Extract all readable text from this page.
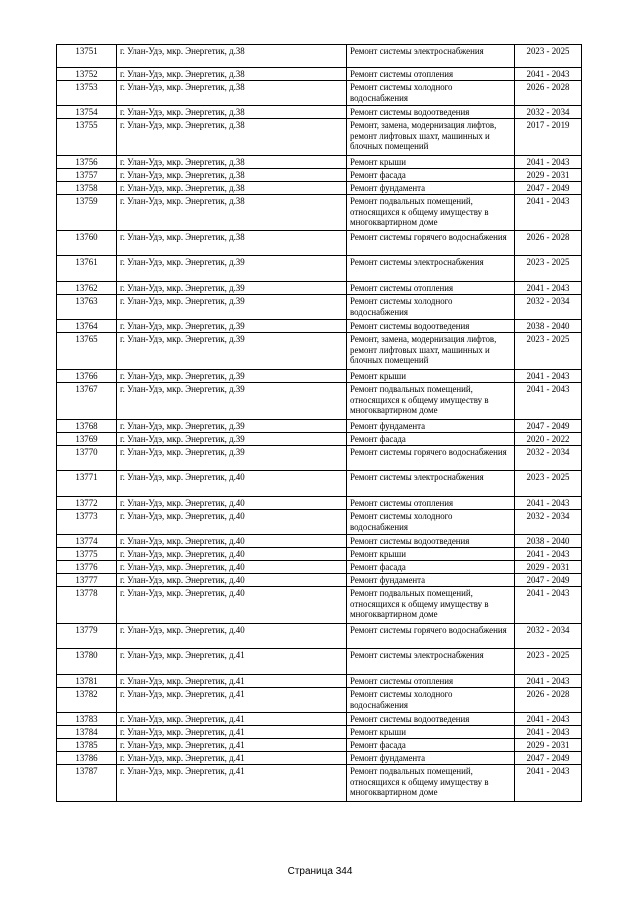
13751	г. Улан-Удэ, мкр. Энергетик, д.38	Ремонт системы электроснабжения	2023 - 2025
13752	г. Улан-Удэ, мкр. Энергетик, д.38	Ремонт системы отопления	2041 - 2043
13753	г. Улан-Удэ, мкр. Энергетик, д.38	Ремонт системы холодного водоснабжения	2026 - 2028
13754	г. Улан-Удэ, мкр. Энергетик, д.38	Ремонт системы водоотведения	2032 - 2034
13755	г. Улан-Удэ, мкр. Энергетик, д.38	Ремонт, замена, модернизация лифтов, ремонт лифтовых шахт, машинных и блочных помещений	2017 - 2019
13756	г. Улан-Удэ, мкр. Энергетик, д.38	Ремонт крыши	2041 - 2043
13757	г. Улан-Удэ, мкр. Энергетик, д.38	Ремонт фасада	2029 - 2031
13758	г. Улан-Удэ, мкр. Энергетик, д.38	Ремонт фундамента	2047 - 2049
13759	г. Улан-Удэ, мкр. Энергетик, д.38	Ремонт подвальных помещений, относящихся к общему имуществу в многоквартирном доме	2041 - 2043
13760	г. Улан-Удэ, мкр. Энергетик, д.38	Ремонт системы горячего водоснабжения	2026 - 2028
13761	г. Улан-Удэ, мкр. Энергетик, д.39	Ремонт системы электроснабжения	2023 - 2025
13762	г. Улан-Удэ, мкр. Энергетик, д.39	Ремонт системы отопления	2041 - 2043
13763	г. Улан-Удэ, мкр. Энергетик, д.39	Ремонт системы холодного водоснабжения	2032 - 2034
13764	г. Улан-Удэ, мкр. Энергетик, д.39	Ремонт системы водоотведения	2038 - 2040
13765	г. Улан-Удэ, мкр. Энергетик, д.39	Ремонт, замена, модернизация лифтов, ремонт лифтовых шахт, машинных и блочных помещений	2023 - 2025
13766	г. Улан-Удэ, мкр. Энергетик, д.39	Ремонт крыши	2041 - 2043
13767	г. Улан-Удэ, мкр. Энергетик, д.39	Ремонт подвальных помещений, относящихся к общему имуществу в многоквартирном доме	2041 - 2043
13768	г. Улан-Удэ, мкр. Энергетик, д.39	Ремонт фундамента	2047 - 2049
13769	г. Улан-Удэ, мкр. Энергетик, д.39	Ремонт фасада	2020 - 2022
13770	г. Улан-Удэ, мкр. Энергетик, д.39	Ремонт системы горячего водоснабжения	2032 - 2034
13771	г. Улан-Удэ, мкр. Энергетик, д.40	Ремонт системы электроснабжения	2023 - 2025
13772	г. Улан-Удэ, мкр. Энергетик, д.40	Ремонт системы отопления	2041 - 2043
13773	г. Улан-Удэ, мкр. Энергетик, д.40	Ремонт системы холодного водоснабжения	2032 - 2034
13774	г. Улан-Удэ, мкр. Энергетик, д.40	Ремонт системы водоотведения	2038 - 2040
13775	г. Улан-Удэ, мкр. Энергетик, д.40	Ремонт крыши	2041 - 2043
13776	г. Улан-Удэ, мкр. Энергетик, д.40	Ремонт фасада	2029 - 2031
13777	г. Улан-Удэ, мкр. Энергетик, д.40	Ремонт фундамента	2047 - 2049
13778	г. Улан-Удэ, мкр. Энергетик, д.40	Ремонт подвальных помещений, относящихся к общему имуществу в многоквартирном доме	2041 - 2043
13779	г. Улан-Удэ, мкр. Энергетик, д.40	Ремонт системы горячего водоснабжения	2032 - 2034
13780	г. Улан-Удэ, мкр. Энергетик, д.41	Ремонт системы электроснабжения	2023 - 2025
13781	г. Улан-Удэ, мкр. Энергетик, д.41	Ремонт системы отопления	2041 - 2043
13782	г. Улан-Удэ, мкр. Энергетик, д.41	Ремонт системы холодного водоснабжения	2026 - 2028
13783	г. Улан-Удэ, мкр. Энергетик, д.41	Ремонт системы водоотведения	2041 - 2043
13784	г. Улан-Удэ, мкр. Энергетик, д.41	Ремонт крыши	2041 - 2043
13785	г. Улан-Удэ, мкр. Энергетик, д.41	Ремонт фасада	2029 - 2031
13786	г. Улан-Удэ, мкр. Энергетик, д.41	Ремонт фундамента	2047 - 2049
13787	г. Улан-Удэ, мкр. Энергетик, д.41	Ремонт подвальных помещений, относящихся к общему имуществу в многоквартирном доме	2041 - 2043
Страница 344
